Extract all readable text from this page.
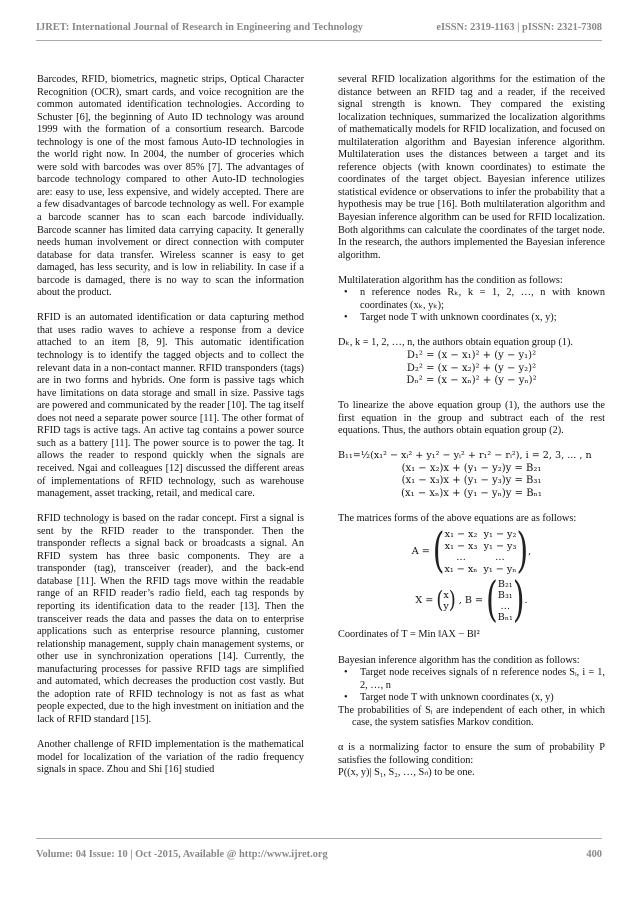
IJRET: International Journal of Research in Engineering and Technology	eISSN: 2319-1163 | pISSN: 2321-7308

Barcodes, RFID, biometrics, magnetic strips, Optical Character Recognition (OCR), smart cards, and voice recognition are the common automated identification technologies. According to Schuster [6], the beginning of Auto ID technology was around 1999 with the formation of a consortium research. Barcode technology is one of the most famous Auto-ID technologies in the world right now. In 2004, the number of groceries which were sold with barcodes was over 85% [7]. The advantages of barcode technology compared to other Auto-ID technologies are: easy to use, less expensive, and widely accepted. There are a few disadvantages of barcode technology as well. For example a barcode scanner has to scan each barcode individually. Barcode scanner has limited data carrying capacity. It generally needs human involvement or direct connection with computer database for data transfer. Wireless scanner is easy to get damaged, has less security, and is low in reliability. In case if a barcode is damaged, there is no way to scan the information about the product.

RFID is an automated identification or data capturing method that uses radio waves to achieve a response from a device attached to an item [8, 9]. This automatic identification technology is to identify the tagged objects and to collect the relevant data in a non-contact manner. RFID transponders (tags) are in two forms and hybrids. One form is passive tags which have limitations on data storage and small in size. Passive tags are powered and communicated by the reader [10]. The tag itself does not need a separate power source [11]. The other format of RFID tags is active tags. An active tag contains a power source such as a battery [11]. The power source is to power the tag. It allows the reader to respond quickly when the signals are received. Ngai and colleagues [12] discussed the different areas of implementations of RFID technology, such as warehouse management, asset tracking, retail, and medical care.

RFID technology is based on the radar concept. First a signal is sent by the RFID reader to the transponder. Then the transponder reflects a signal back or broadcasts a signal. An RFID system has three basic components. They are a transponder (tag), transceiver (reader), and the back-end database [11]. When the RFID tags move within the readable range of an RFID reader’s radio field, each tag responds by reporting its identification data to the reader [13]. Then the transceiver reads the data and passes the data on to enterprise applications such as enterprise resource planning, customer relationship management, supply chain management systems, or other use in synchronization operations [14]. Currently, the manufacturing processes for passive RFID tags are simplified and automated, which decreases the production cost vastly. But the adoption rate of RFID technology is not as fast as what people expected, due to the high investment on initiation and the lack of RFID standard [15].

Another challenge of RFID implementation is the mathematical model for localization of the variation of the radio frequency signals in space. Zhou and Shi [16] studied

several RFID localization algorithms for the estimation of the distance between an RFID tag and a reader, if the received signal strength is known. They compared the existing localization techniques, summarized the localization algorithms of mathematically models for RFID localization, and focused on multilateration algorithm and Bayesian inference algorithm. Multilateration uses the distances between a target and its reference objects (with known coordinates) to estimate the coordinates of the target object. Bayesian inference utilizes statistical evidence or observations to infer the probability that a hypothesis may be true [16]. Both multilateration algorithm and Bayesian inference algorithm can be used for RFID localization. Both algorithms can calculate the coordinates of the target node. In the research, the authors implemented the Bayesian inference algorithm.

Multilateration algorithm has the condition as follows:

• n reference nodes Rₖ, k = 1, 2, …, n with known coordinates (xₖ, yₖ);
• Target node T with unknown coordinates (x, y);

Dₖ, k = 1, 2, …, n, the authors obtain equation group (1).

D₁² = (x − x₁)² + (y − y₁)²
D₂² = (x − x₂)² + (y − y₂)²
Dₙ² = (x − xₙ)² + (y − yₙ)²

To linearize the above equation group (1), the authors use the first equation in the group and subtract each of the rest equations. Thus, the authors obtain equation group (2).

B₁₁=½(x₁² − xᵢ² + y₁² − yᵢ² + r₁² − rᵢ²), i = 2, 3, ... , n

(x₁ − x₂)x + (y₁ − y₂)y = B₂₁
(x₁ − x₃)x + (y₁ − y₃)y = B₃₁
(x₁ − xₙ)x + (y₁ − yₙ)y = Bₙ₁

The matrices forms of the above equations are as follows:

A = ( x₁ − x₂ y₁ − y₂
x₁ − x₃ y₁ − y₃
…	…
x₁ − xₙ y₁ − yₙ ) ,
X = ( x
y ) , B = ( B₂₁
B₃₁
…
Bₙ₁ ) .

Coordinates of T = Min ‖AX − B‖²

Bayesian inference algorithm has the condition as follows:

• Target node receives signals of n reference nodes Sᵢ, i = 1, 2, …, n
• Target node T with unknown coordinates (x, y)

The probabilities of Sᵢ are independent of each other, in which case, the system satisfies Markov condition.

α is a normalizing factor to ensure the sum of probability P satisfies the following condition:

P((x, y)| S₁, S₂, …, Sₙ) to be one.

Volume: 04 Issue: 10 | Oct -2015, Available @ http://www.ijret.org	400
